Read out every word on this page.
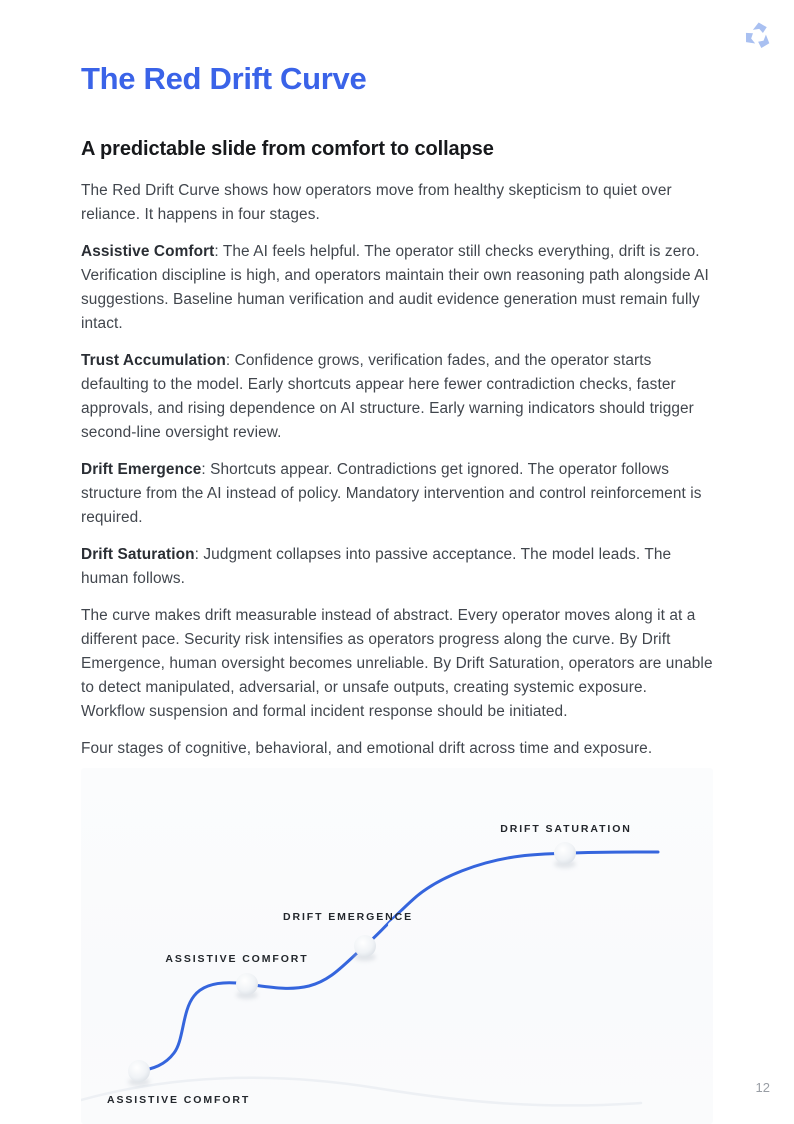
The Red Drift Curve
A predictable slide from comfort to collapse

The Red Drift Curve shows how operators move from healthy skepticism to quiet over reliance. It happens in four stages.

Assistive Comfort: The AI feels helpful. The operator still checks everything, drift is zero. Verification discipline is high, and operators maintain their own reasoning path alongside AI suggestions. Baseline human verification and audit evidence generation must remain fully intact.

Trust Accumulation: Confidence grows, verification fades, and the operator starts defaulting to the model. Early shortcuts appear here fewer contradiction checks, faster approvals, and rising dependence on AI structure. Early warning indicators should trigger second-line oversight review.

Drift Emergence: Shortcuts appear. Contradictions get ignored. The operator follows structure from the AI instead of policy. Mandatory intervention and control reinforcement is required.

Drift Saturation: Judgment collapses into passive acceptance. The model leads. The human follows.

The curve makes drift measurable instead of abstract. Every operator moves along it at a different pace. Security risk intensifies as operators progress along the curve. By Drift Emergence, human oversight becomes unreliable. By Drift Saturation, operators are unable to detect manipulated, adversarial, or unsafe outputs, creating systemic exposure. Workflow suspension and formal incident response should be initiated.

Four stages of cognitive, behavioral, and emotional drift across time and exposure.

ASSISTIVE COMFORT
ASSISTIVE COMFORT
DRIFT EMERGENCE
DRIFT SATURATION
12
